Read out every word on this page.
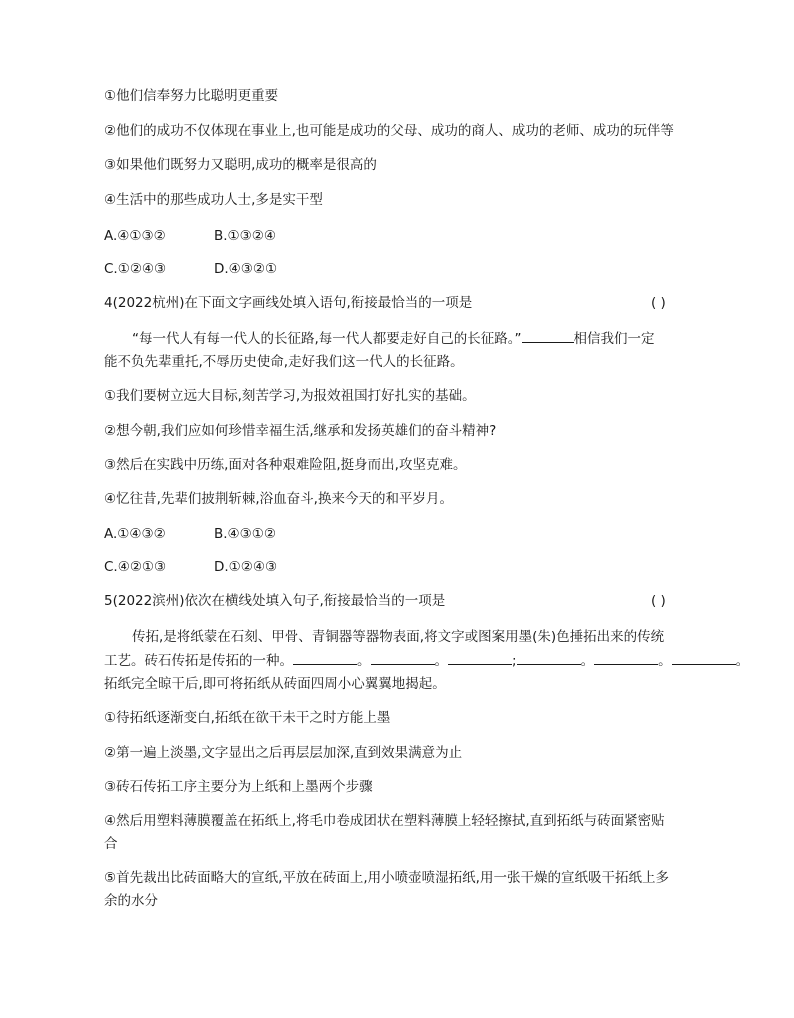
①他们信奉努力比聪明更重要
②他们的成功不仅体现在事业上,也可能是成功的父母、成功的商人、成功的老师、成功的玩伴等
③如果他们既努力又聪明,成功的概率是很高的
④生活中的那些成功人士,多是实干型
A.④①③②	B.①③②④
C.①②④③	D.④③②①
4(2022杭州)在下面文字画线处填入语句,衔接最恰当的一项是	( )
“每一代人有每一代人的长征路,每一代人都要走好自己的长征路。”	相信我们一定
能不负先辈重托,不辱历史使命,走好我们这一代人的长征路。
①我们要树立远大目标,刻苦学习,为报效祖国打好扎实的基础。
②想今朝,我们应如何珍惜幸福生活,继承和发扬英雄们的奋斗精神?
③然后在实践中历练,面对各种艰难险阻,挺身而出,攻坚克难。
④忆往昔,先辈们披荆斩棘,浴血奋斗,换来今天的和平岁月。
A.①④③②	B.④③①②
C.④②①③	D.①②④③
5(2022滨州)依次在横线处填入句子,衔接最恰当的一项是	( )
传拓,是将纸蒙在石刻、甲骨、青铜器等器物表面,将文字或图案用墨(朱)色捶拓出来的传统
工艺。砖石传拓是传拓的一种。	。	。	;	。	。	。
拓纸完全晾干后,即可将拓纸从砖面四周小心翼翼地揭起。
①待拓纸逐渐变白,拓纸在欲干未干之时方能上墨
②第一遍上淡墨,文字显出之后再层层加深,直到效果满意为止
③砖石传拓工序主要分为上纸和上墨两个步骤
④然后用塑料薄膜覆盖在拓纸上,将毛巾卷成团状在塑料薄膜上轻轻擦拭,直到拓纸与砖面紧密贴
合
⑤首先裁出比砖面略大的宣纸,平放在砖面上,用小喷壶喷湿拓纸,用一张干燥的宣纸吸干拓纸上多
余的水分
